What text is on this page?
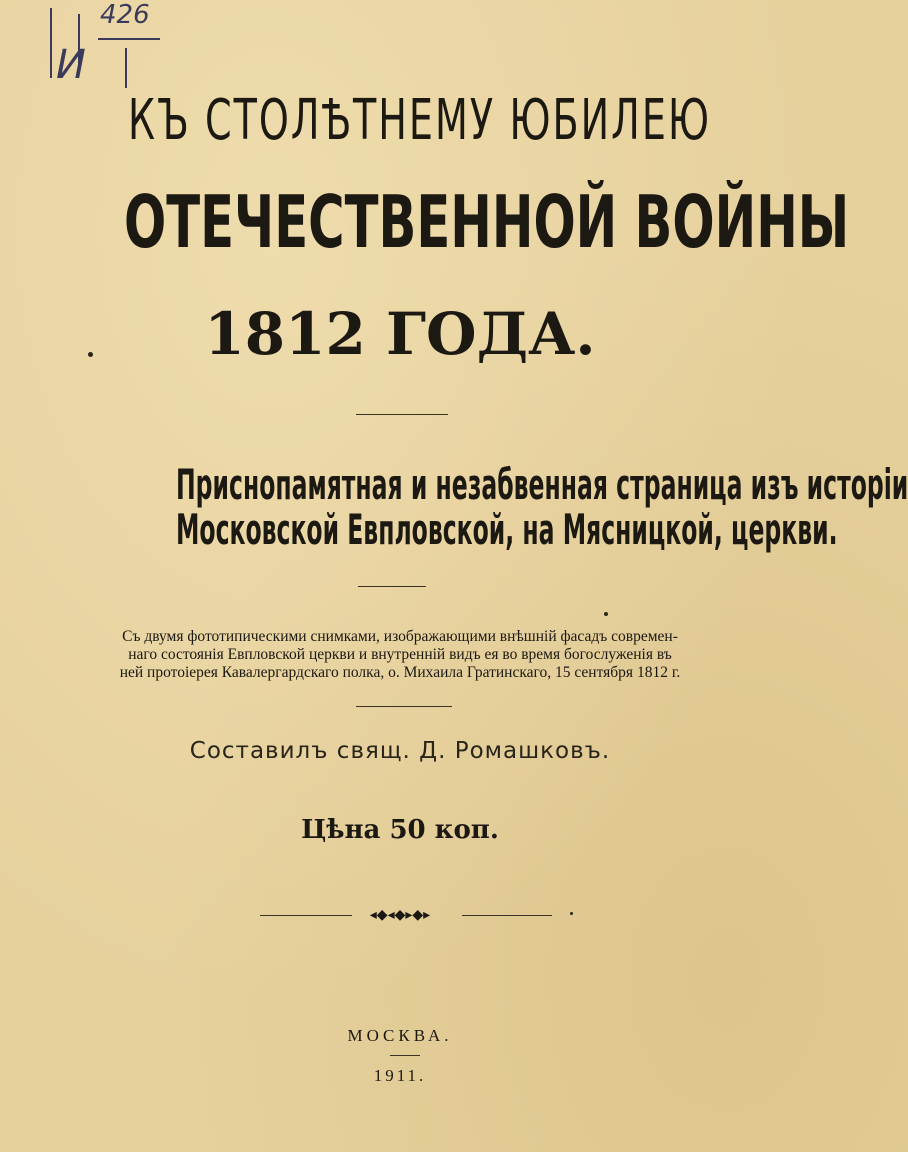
426
И
КЪ СТОЛѢТНЕМУ ЮБИЛЕЮ
ОТЕЧЕСТВЕННОЙ ВОЙНЫ
1812 ГОДА.
Приснопамятная и незабвенная страница изъ исторіи
Московской Евпловской, на Мясницкой, церкви.
Съ двумя фототипическими снимками, изображающими внѣшній фасадъ современ-
наго состоянія Евпловской церкви и внутренній видъ ея во время богослуженія въ
ней протоіерея Кавалергардскаго полка, о. Михаила Гратинскаго, 15 сентября 1812 г.
Составилъ свящ. Д. Ромашковъ.
Цѣна 50 коп.
◂◆◂◆▸◆▸
МОСКВА.
1911.
